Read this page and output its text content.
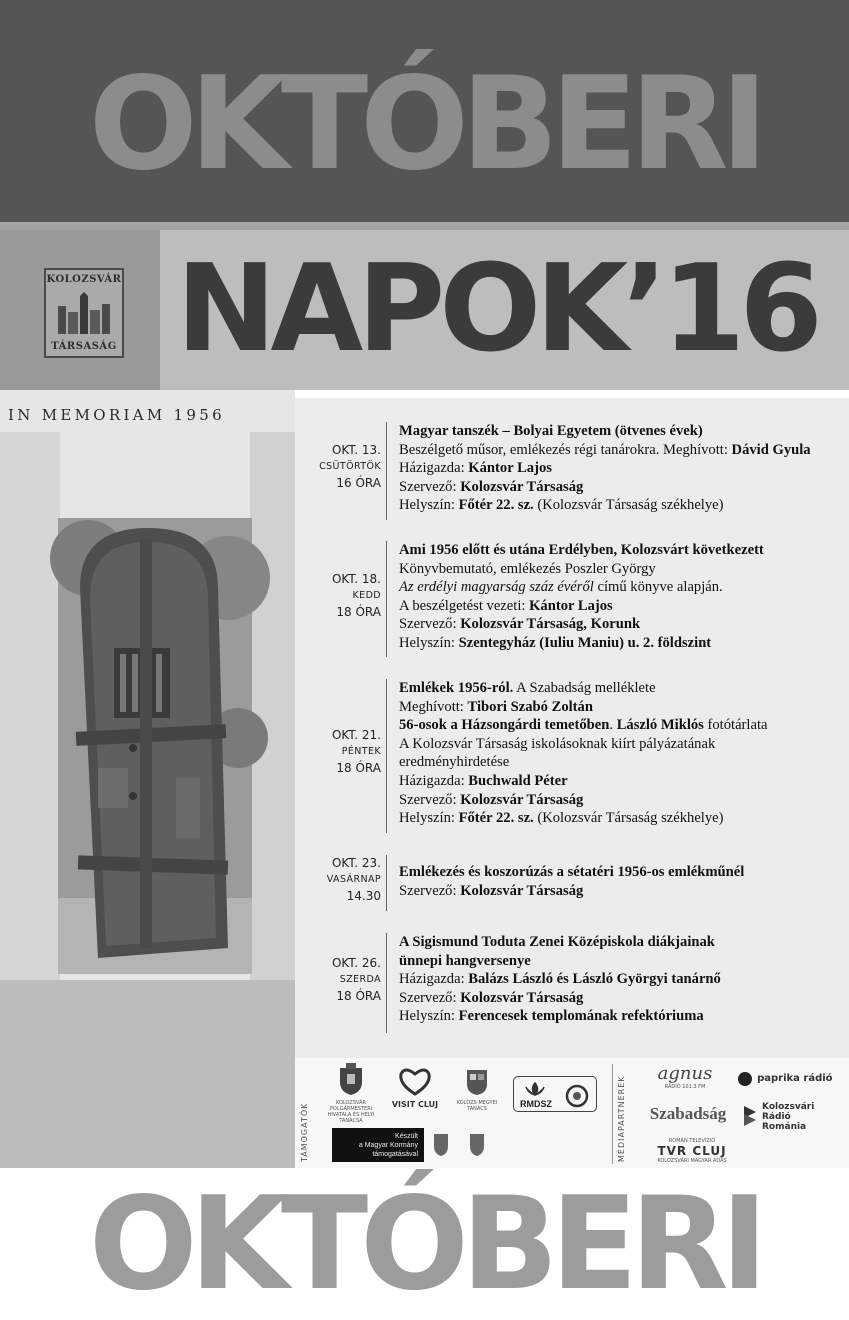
OKTÓBERI
NAPOK’16
KOLOZSVÁR
TÁRSASÁG
IN MEMORIAM 1956
OKT. 13.
CSÜTÖRTÖK
16 ÓRA
Magyar tanszék – Bolyai Egyetem (ötvenes évek)
Beszélgető műsor, emlékezés régi tanárokra. Meghívott: Dávid Gyula
Házigazda: Kántor Lajos
Szervező: Kolozsvár Társaság
Helyszín: Főtér 22. sz. (Kolozsvár Társaság székhelye)
OKT. 18.
KEDD
18 ÓRA
Ami 1956 előtt és utána Erdélyben, Kolozsvárt következett
Könyvbemutató, emlékezés Poszler György
Az erdélyi magyarság száz évéről című könyve alapján.
A beszélgetést vezeti: Kántor Lajos
Szervező: Kolozsvár Társaság, Korunk
Helyszín: Szentegyház (Iuliu Maniu) u. 2. földszint
OKT. 21.
PÉNTEK
18 ÓRA
Emlékek 1956-ról. A Szabadság melléklete
Meghívott: Tibori Szabó Zoltán
56-osok a Házsongárdi temetőben. László Miklós fotótárlata
A Kolozsvár Társaság iskolásoknak kiírt pályázatának
eredményhirdetése
Házigazda: Buchwald Péter
Szervező: Kolozsvár Társaság
Helyszín: Főtér 22. sz. (Kolozsvár Társaság székhelye)
OKT. 23.
VASÁRNAP
14.30
Emlékezés és koszorúzás a sétatéri 1956-os emlékműnél
Szervező: Kolozsvár Társaság
OKT. 26.
SZERDA
18 ÓRA
A Sigismund Toduta Zenei Középiskola diákjainak
ünnepi hangversenye
Házigazda: Balázs László és László Györgyi tanárnő
Szervező: Kolozsvár Társaság
Helyszín: Ferencesek templomának refektóriuma
TÁMOGATÓK	MÉDIAPARTNEREK
KOLOZSVÁR POLGÁRMESTERI HIVATALA ÉS HELYI TANÁCSA
VISIT CLUJ	KOLOZS MEGYEI TANÁCS	RMDSZ
Készült
a Magyar Kormány
támogatásával
agnus
RÁDIÓ 101.3 FM
paprika rádió
Szabadság	Kolozsvári
Rádió
Románia
ROMÁN TELEVÍZIÓ
TVR CLUJ
KOLOZSVÁRI MAGYAR ADÁS
OKTÓBERI
